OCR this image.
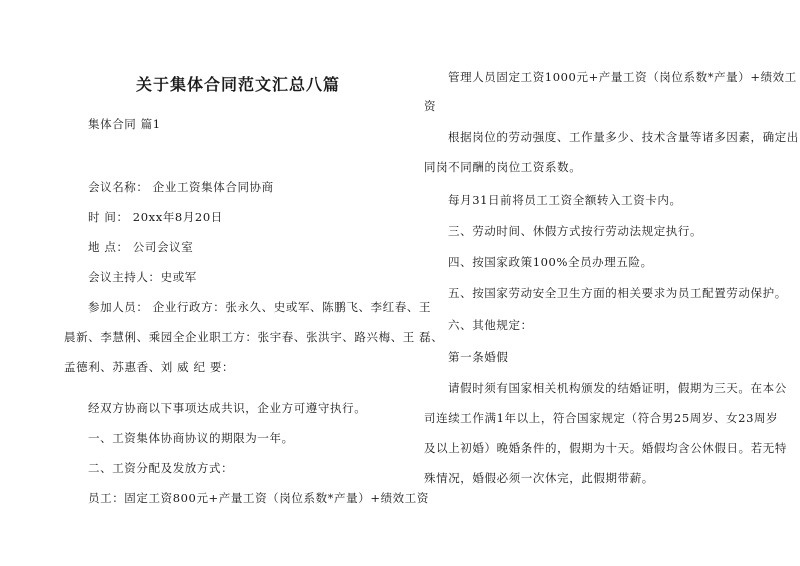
关于集体合同范文汇总八篇
集体合同 篇1
会议名称： 企业工资集体合同协商
时 间： 20xx年8月20日
地 点： 公司会议室
会议主持人：史或军
参加人员： 企业行政方：张永久、史或军、陈鹏飞、李红春、王
晨新、李慧俐、乘园全企业职工方：张宇春、张洪宇、路兴梅、王 磊、
孟德利、苏惠香、刘 威 纪 要：
经双方协商以下事项达成共识，企业方可遵守执行。
一、工资集体协商协议的期限为一年。
二、工资分配及发放方式：
员工：固定工资800元+产量工资（岗位系数*产量）+绩效工资
管理人员固定工资1000元+产量工资（岗位系数*产量）+绩效工
资
根据岗位的劳动强度、工作量多少、技术含量等诸多因素，确定出
同岗不同酬的岗位工资系数。
每月31日前将员工工资全额转入工资卡内。
三、劳动时间、休假方式按行劳动法规定执行。
四、按国家政策100%全员办理五险。
五、按国家劳动安全卫生方面的相关要求为员工配置劳动保护。
六、其他规定：
第一条婚假
请假时须有国家相关机构颁发的结婚证明，假期为三天。在本公
司连续工作满1年以上，符合国家规定（符合男25周岁、女23周岁
及以上初婚）晚婚条件的，假期为十天。婚假均含公休假日。若无特
殊情况，婚假必须一次休完，此假期带薪。
